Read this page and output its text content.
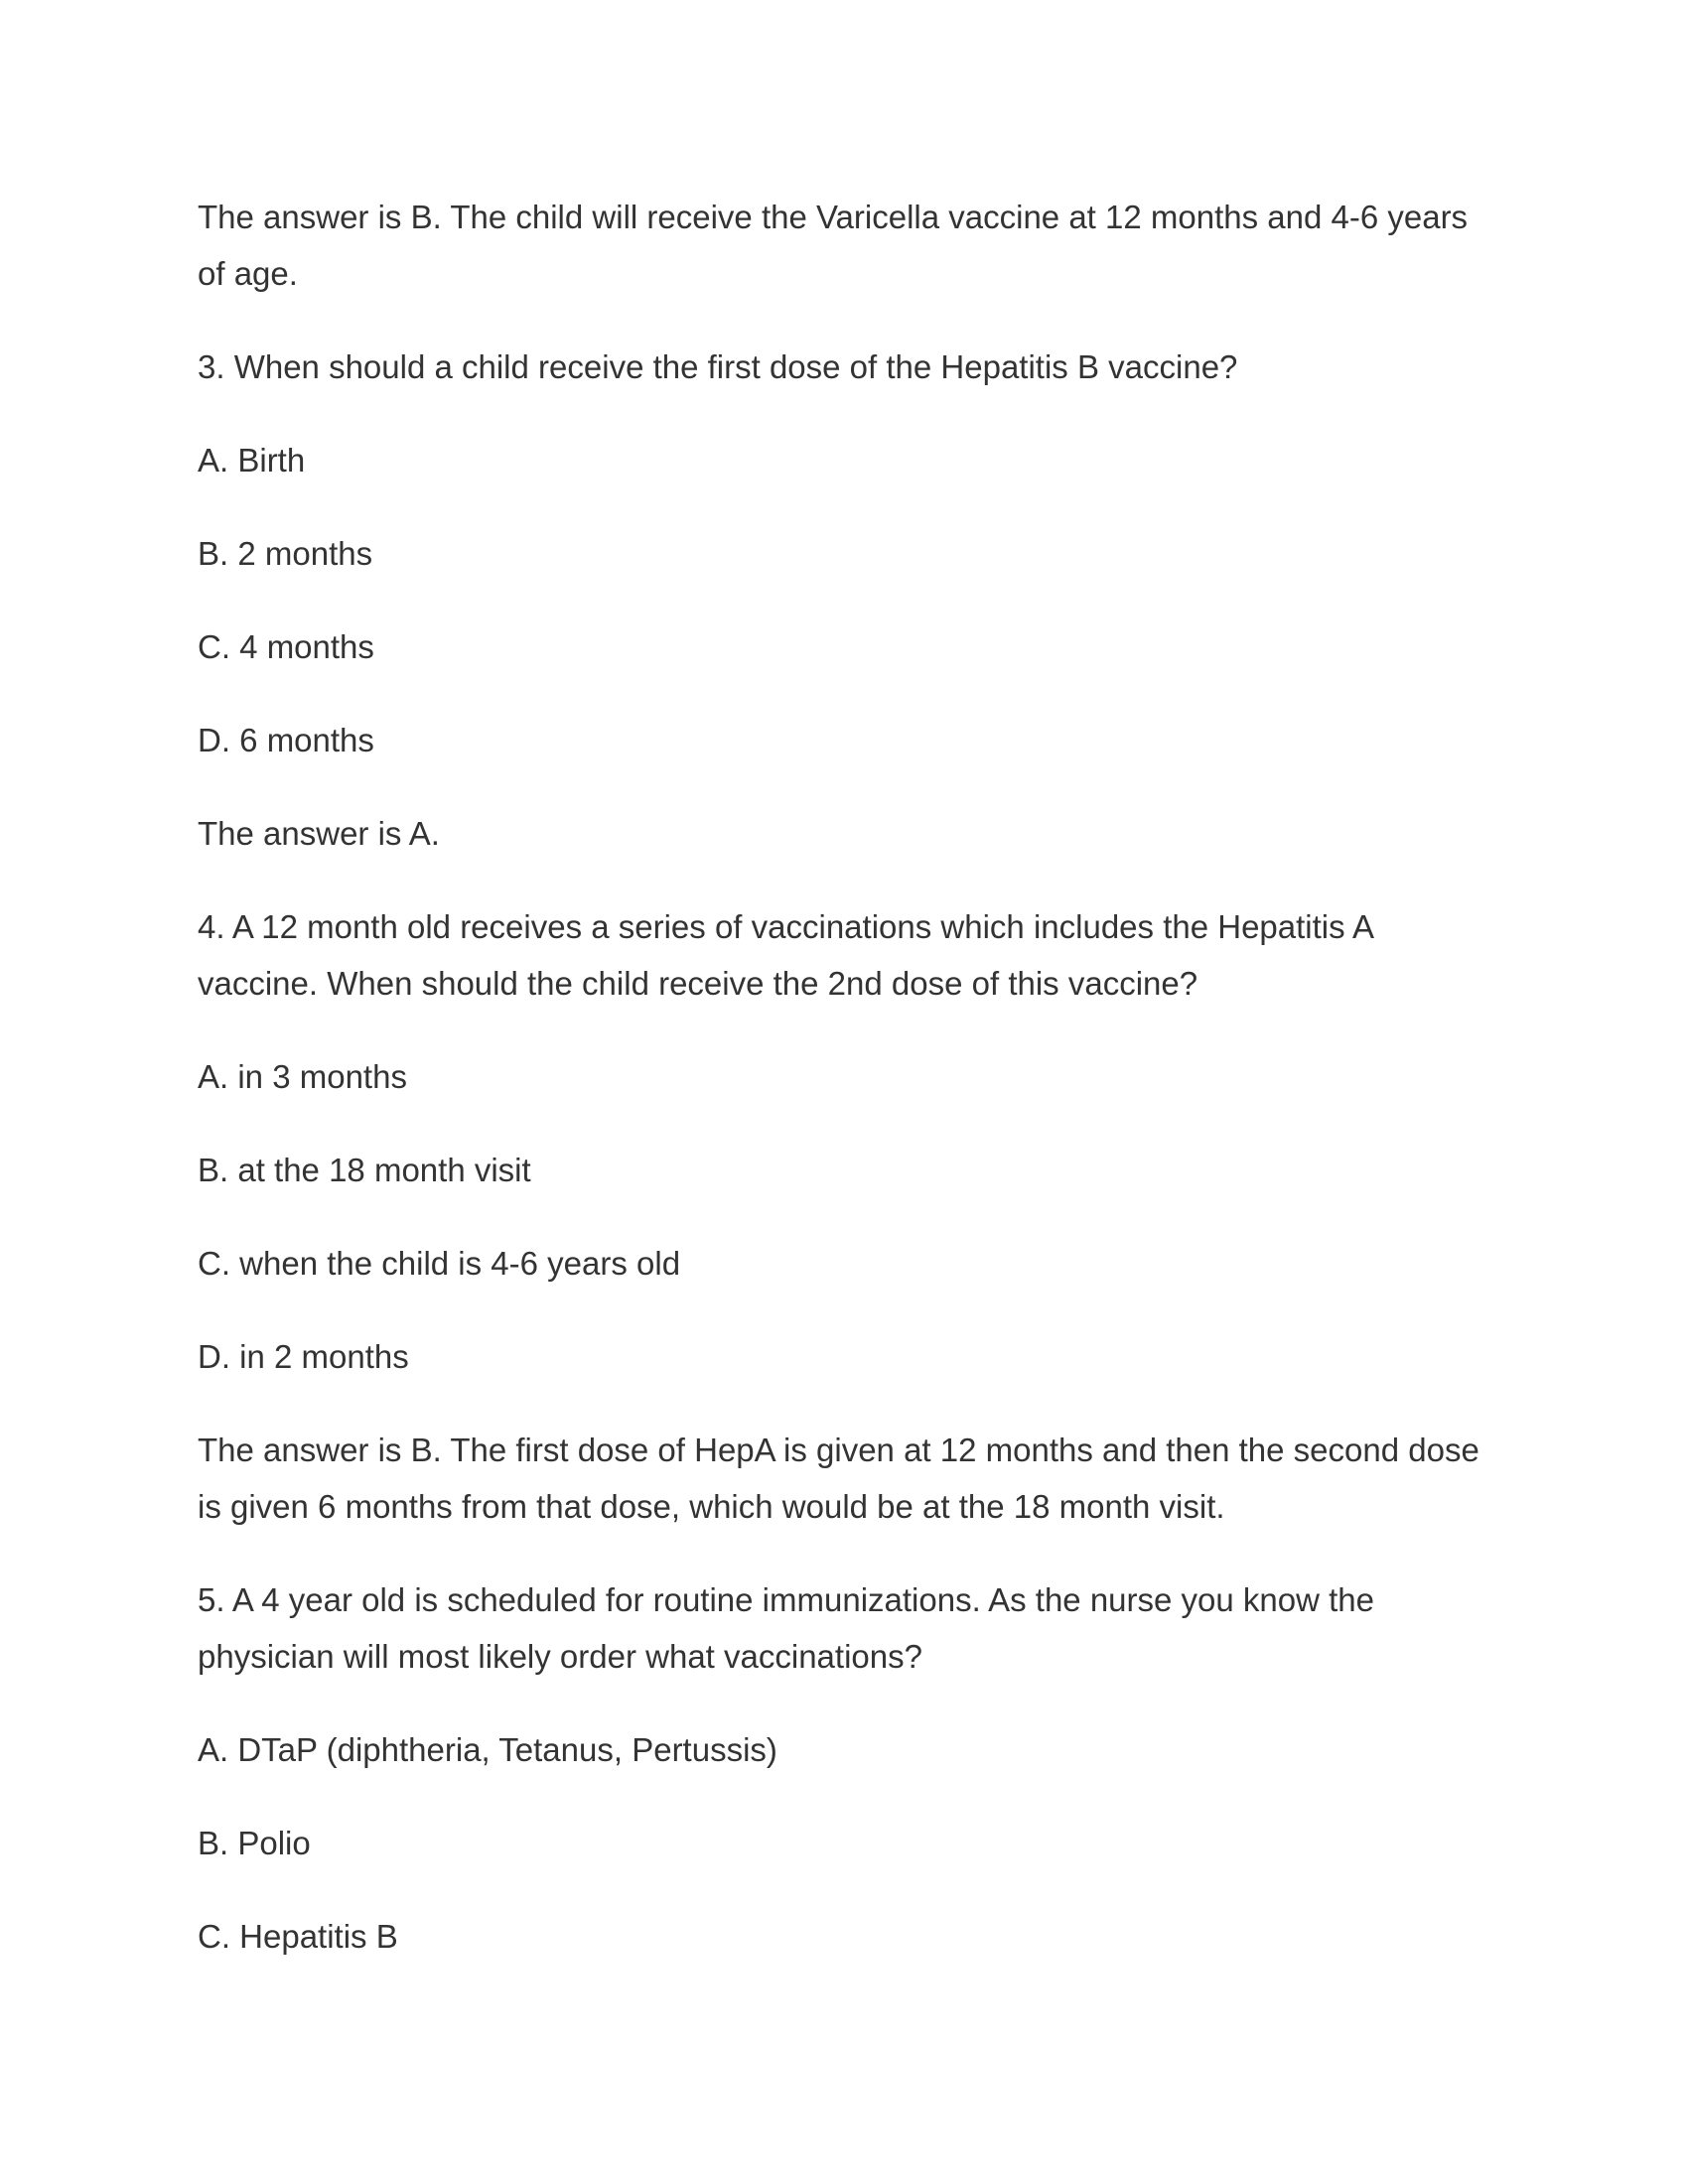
The answer is B. The child will receive the Varicella vaccine at 12 months and 4-6 years of age.

3. When should a child receive the first dose of the Hepatitis B vaccine?

A. Birth

B. 2 months

C. 4 months

D. 6 months

The answer is A.

4. A 12 month old receives a series of vaccinations which includes the Hepatitis A vaccine. When should the child receive the 2nd dose of this vaccine?

A. in 3 months

B. at the 18 month visit

C. when the child is 4-6 years old

D. in 2 months

The answer is B. The first dose of HepA is given at 12 months and then the second dose is given 6 months from that dose, which would be at the 18 month visit.

5. A 4 year old is scheduled for routine immunizations. As the nurse you know the physician will most likely order what vaccinations?

A. DTaP (diphtheria, Tetanus, Pertussis)

B. Polio

C. Hepatitis B
